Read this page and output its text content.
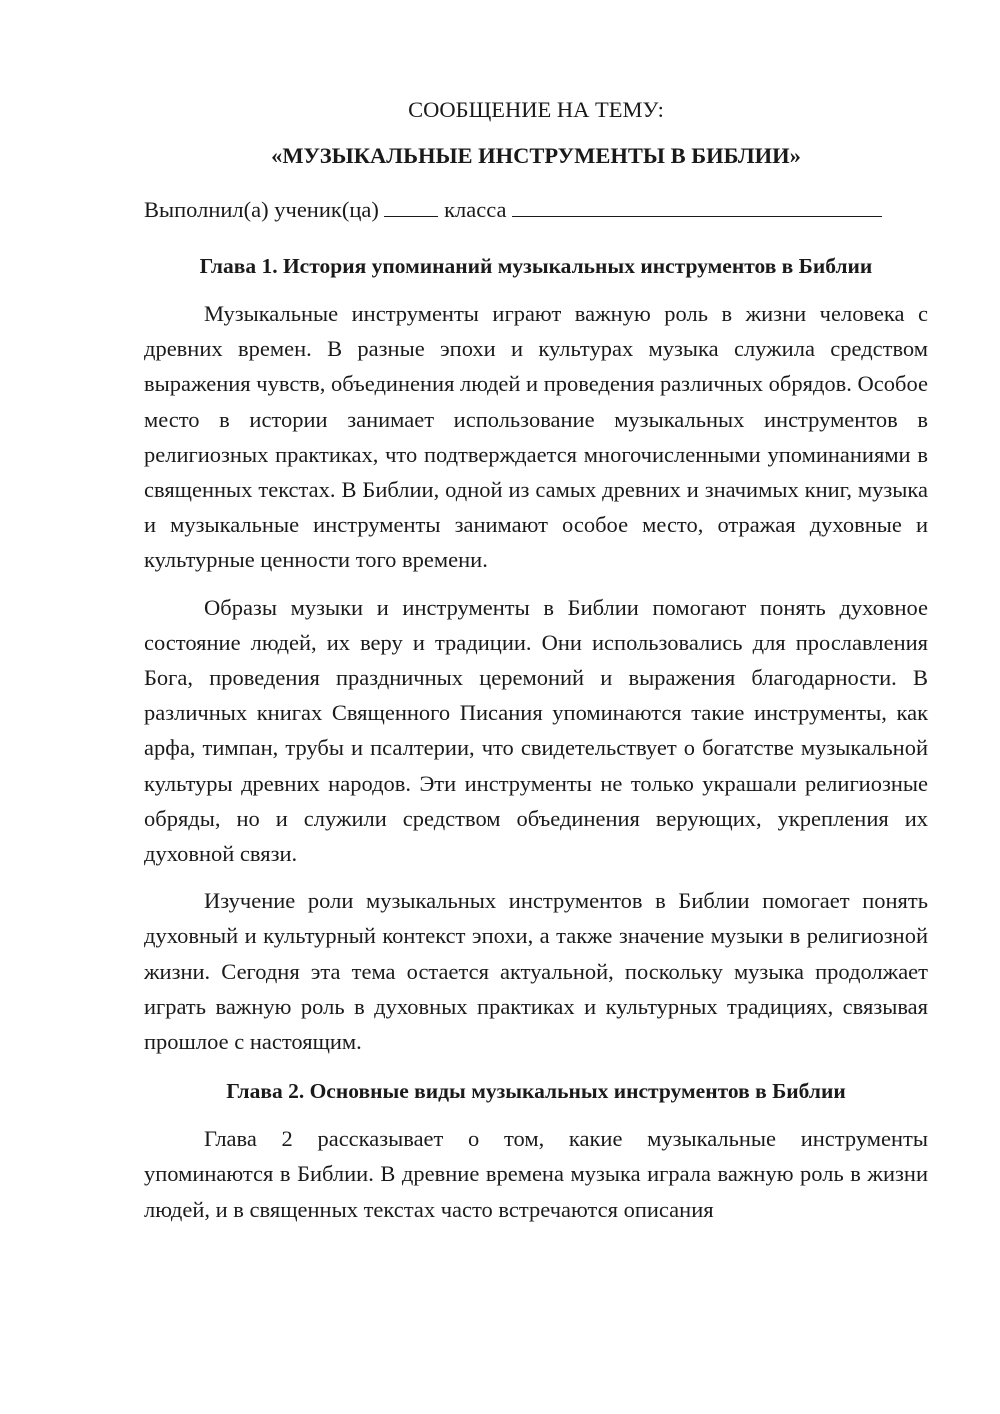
СООБЩЕНИЕ НА ТЕМУ:

«МУЗЫКАЛЬНЫЕ ИНСТРУМЕНТЫ В БИБЛИИ»

Выполнил(а) ученик(ца)	класса
Глава 1. История упоминаний музыкальных инструментов в Библии

Музыкальные инструменты играют важную роль в жизни человека с древних времен. В разные эпохи и культурах музыка служила средством выражения чувств, объединения людей и проведения различных обрядов. Особое место в истории занимает использование музыкальных инструментов в религиозных практиках, что подтверждается многочисленными упоминаниями в священных текстах. В Библии, одной из самых древних и значимых книг, музыка и музыкальные инструменты занимают особое место, отражая духовные и культурные ценности того времени.

Образы музыки и инструменты в Библии помогают понять духовное состояние людей, их веру и традиции. Они использовались для прославления Бога, проведения праздничных церемоний и выражения благодарности. В различных книгах Священного Писания упоминаются такие инструменты, как арфа, тимпан, трубы и псалтерии, что свидетельствует о богатстве музыкальной культуры древних народов. Эти инструменты не только украшали религиозные обряды, но и служили средством объединения верующих, укрепления их духовной связи.

Изучение роли музыкальных инструментов в Библии помогает понять духовный и культурный контекст эпохи, а также значение музыки в религиозной жизни. Сегодня эта тема остается актуальной, поскольку музыка продолжает играть важную роль в духовных практиках и культурных традициях, связывая прошлое с настоящим.

Глава 2. Основные виды музыкальных инструментов в Библии

Глава 2 рассказывает о том, какие музыкальные инструменты упоминаются в Библии. В древние времена музыка играла важную роль в жизни людей, и в священных текстах часто встречаются описания
